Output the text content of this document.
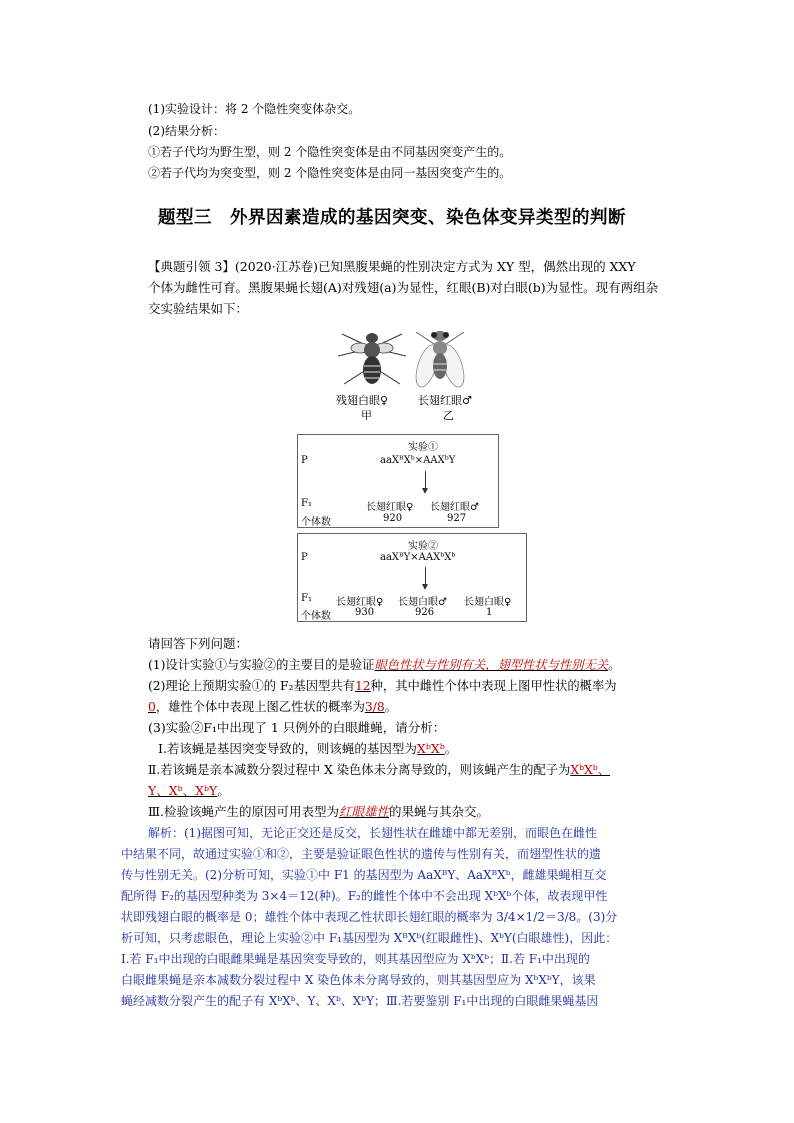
(1)实验设计：将 2 个隐性突变体杂交。
(2)结果分析：
①若子代均为野生型，则 2 个隐性突变体是由不同基因突变产生的。
②若子代均为突变型，则 2 个隐性突变体是由同一基因突变产生的。
题型三　外界因素造成的基因突变、染色体变异类型的判断
【典题引领 3】(2020·江苏卷)已知黑腹果蝇的性别决定方式为 XY 型，偶然出现的 XXY
个体为雌性可育。黑腹果蝇长翅(A)对残翅(a)为显性，红眼(B)对白眼(b)为显性。现有两组杂
交实验结果如下：
残翅白眼♀
甲
长翅红眼♂
乙
实验①
P	aaXᴮXᵇ×AAXᵇY
F₁	长翅红眼♀ 长翅红眼♂
个体数	920	927
实验②
P	aaXᴮY×AAXᵇXᵇ
F₁ 长翅红眼♀ 长翅白眼♂ 长翅白眼♀
个体数 930	926	1
请回答下列问题：
(1)设计实验①与实验②的主要目的是验证眼色性状与性别有关，翅型性状与性别无关。
(2)理论上预期实验①的 F₂基因型共有12种，其中雌性个体中表现上图甲性状的概率为
0，雄性个体中表现上图乙性状的概率为3/8。
(3)实验②F₁中出现了 1 只例外的白眼雌蝇，请分析：
Ⅰ.若该蝇是基因突变导致的，则该蝇的基因型为XᵇXᵇ。
Ⅱ.若该蝇是亲本减数分裂过程中 X 染色体未分离导致的，则该蝇产生的配子为XᵇXᵇ、
Y、Xᵇ、XᵇY。
Ⅲ.检验该蝇产生的原因可用表型为红眼雄性的果蝇与其杂交。
解析：(1)据图可知，无论正交还是反交，长翅性状在雌雄中都无差别，而眼色在雌性
中结果不同，故通过实验①和②，主要是验证眼色性状的遗传与性别有关，而翅型性状的遗
传与性别无关。(2)分析可知，实验①中 F1 的基因型为 AaXᴮY、AaXᴮXᵇ，雌雄果蝇相互交
配所得 F₂的基因型种类为 3×4＝12(种)。F₂的雌性个体中不会出现 XᵇXᵇ个体，故表现甲性
状即残翅白眼的概率是 0；雄性个体中表现乙性状即长翅红眼的概率为 3/4×1/2＝3/8。(3)分
析可知，只考虑眼色，理论上实验②中 F₁基因型为 XᴮXᵇ(红眼雌性)、XᵇY(白眼雄性)，因此：
Ⅰ.若 F₁中出现的白眼雌果蝇是基因突变导致的，则其基因型应为 XᵇXᵇ；Ⅱ.若 F₁中出现的
白眼雌果蝇是亲本减数分裂过程中 X 染色体未分离导致的，则其基因型应为 XᵇXᵇY，该果
蝇经减数分裂产生的配子有 XᵇXᵇ、Y、Xᵇ、XᵇY；Ⅲ.若要鉴别 F₁中出现的白眼雌果蝇基因
